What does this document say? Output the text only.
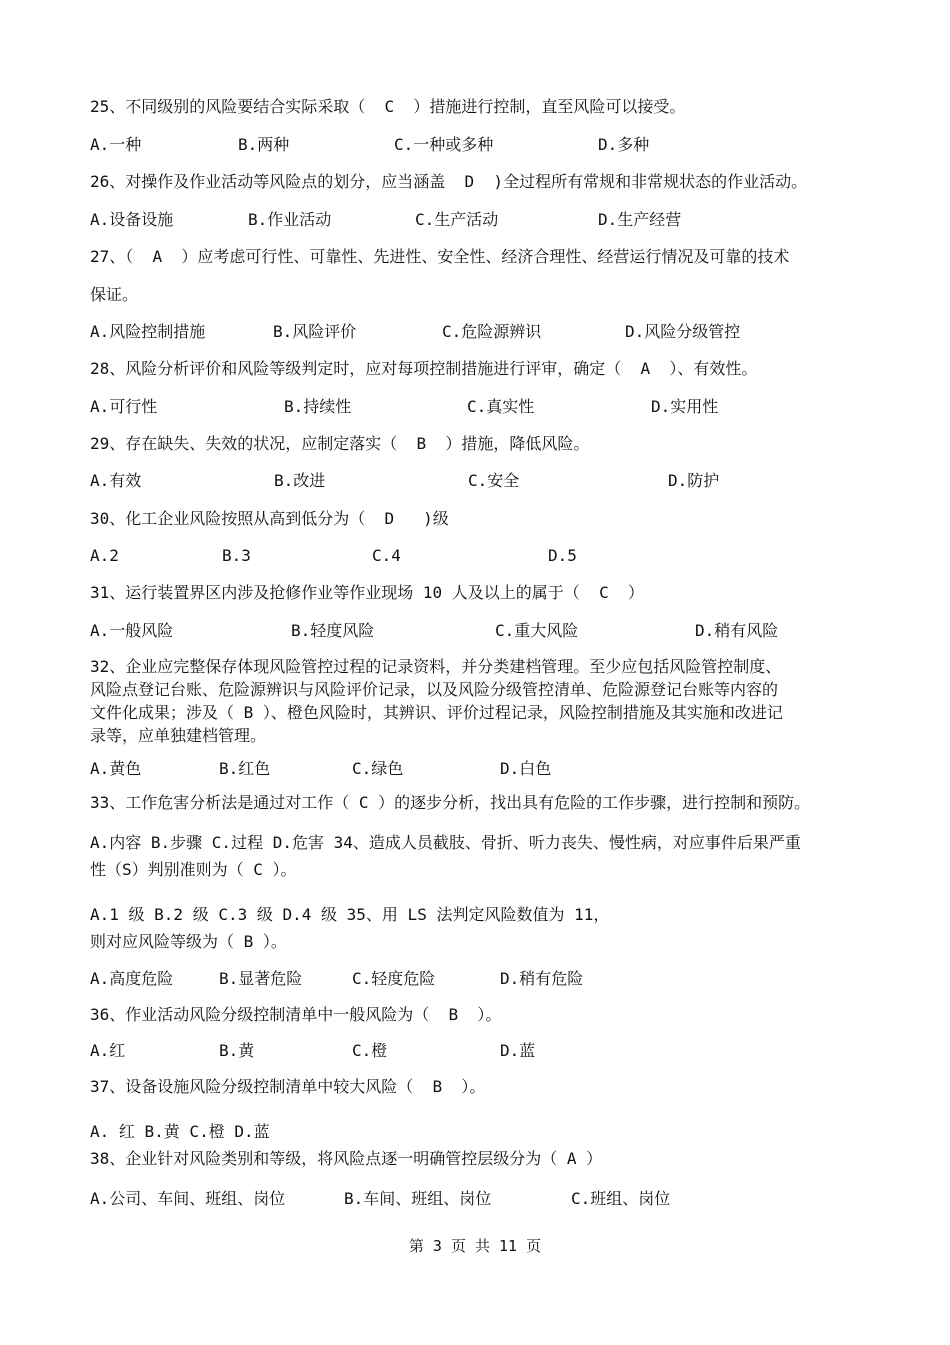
25、不同级别的风险要结合实际采取（  C  ）措施进行控制，直至风险可以接受。
A.一种	B.两种	C.一种或多种	D.多种
26、对操作及作业活动等风险点的划分，应当涵盖  D  )全过程所有常规和非常规状态的作业活动。
A.设备设施	B.作业活动	C.生产活动	D.生产经营
27、（  A  ）应考虑可行性、可靠性、先进性、安全性、经济合理性、经营运行情况及可靠的技术
保证。
A.风险控制措施	B.风险评价	C.危险源辨识	D.风险分级管控
28、风险分析评价和风险等级判定时，应对每项控制措施进行评审，确定（  A  ）、有效性。
A.可行性	B.持续性	C.真实性	D.实用性
29、存在缺失、失效的状况，应制定落实（  B  ）措施，降低风险。
A.有效	B.改进	C.安全	D.防护
30、化工企业风险按照从高到低分为（  D   )级
A.2	B.3	C.4	D.5
31、运行装置界区内涉及抢修作业等作业现场 10 人及以上的属于（  C  ）
A.一般风险	B.轻度风险	C.重大风险	D.稍有风险
32、企业应完整保存体现风险管控过程的记录资料，并分类建档管理。至少应包括风险管控制度、
风险点登记台账、危险源辨识与风险评价记录，以及风险分级管控清单、危险源登记台账等内容的
文件化成果；涉及（ B ）、橙色风险时，其辨识、评价过程记录，风险控制措施及其实施和改进记
录等，应单独建档管理。
A.黄色	B.红色	C.绿色	D.白色
33、工作危害分析法是通过对工作（ C ）的逐步分析，找出具有危险的工作步骤，进行控制和预防。
A.内容 B.步骤 C.过程 D.危害 34、造成人员截肢、骨折、听力丧失、慢性病，对应事件后果严重
性（S）判别准则为（ C ）。
A.1 级 B.2 级 C.3 级 D.4 级 35、用 LS 法判定风险数值为 11，
则对应风险等级为（ B ）。
A.高度危险	B.显著危险	C.轻度危险	D.稍有危险
36、作业活动风险分级控制清单中一般风险为（  B  ）。
A.红	B.黄	C.橙	D.蓝
37、设备设施风险分级控制清单中较大风险（  B  ）。
A. 红 B.黄 C.橙 D.蓝
38、企业针对风险类别和等级，将风险点逐一明确管控层级分为（ A ）
A.公司、车间、班组、岗位	B.车间、班组、岗位	C.班组、岗位
第 3 页 共 11 页
